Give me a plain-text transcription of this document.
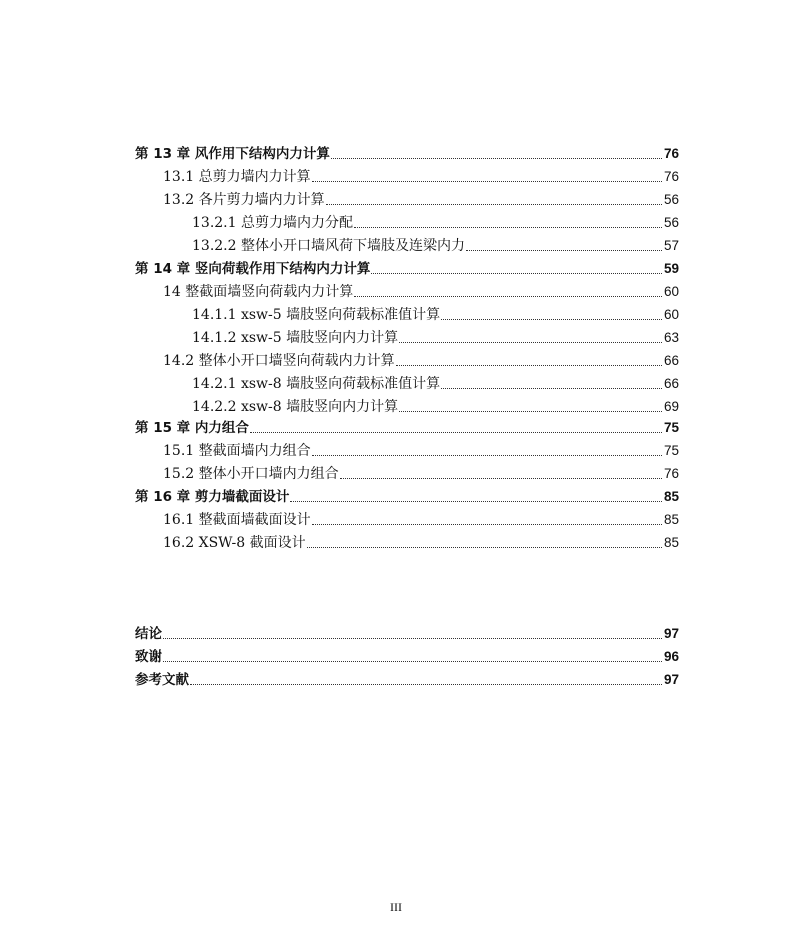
第 13 章 风作用下结构内力计算	76
13.1 总剪力墙内力计算	76
13.2 各片剪力墙内力计算	56
13.2.1 总剪力墙内力分配	56
13.2.2 整体小开口墙风荷下墙肢及连梁内力	57
第 14 章 竖向荷载作用下结构内力计算	59
14 整截面墙竖向荷载内力计算	60
14.1.1 xsw-5 墙肢竖向荷载标准值计算	60
14.1.2 xsw-5 墙肢竖向内力计算	63
14.2 整体小开口墙竖向荷载内力计算	66
14.2.1 xsw-8 墙肢竖向荷载标准值计算	66
14.2.2 xsw-8 墙肢竖向内力计算	69
第 15 章 内力组合	75
15.1 整截面墙内力组合	75
15.2 整体小开口墙内力组合	76
第 16 章 剪力墙截面设计	85
16.1 整截面墙截面设计	85
16.2 XSW-8 截面设计	85
结论	97
致谢	96
参考文献	97
III
